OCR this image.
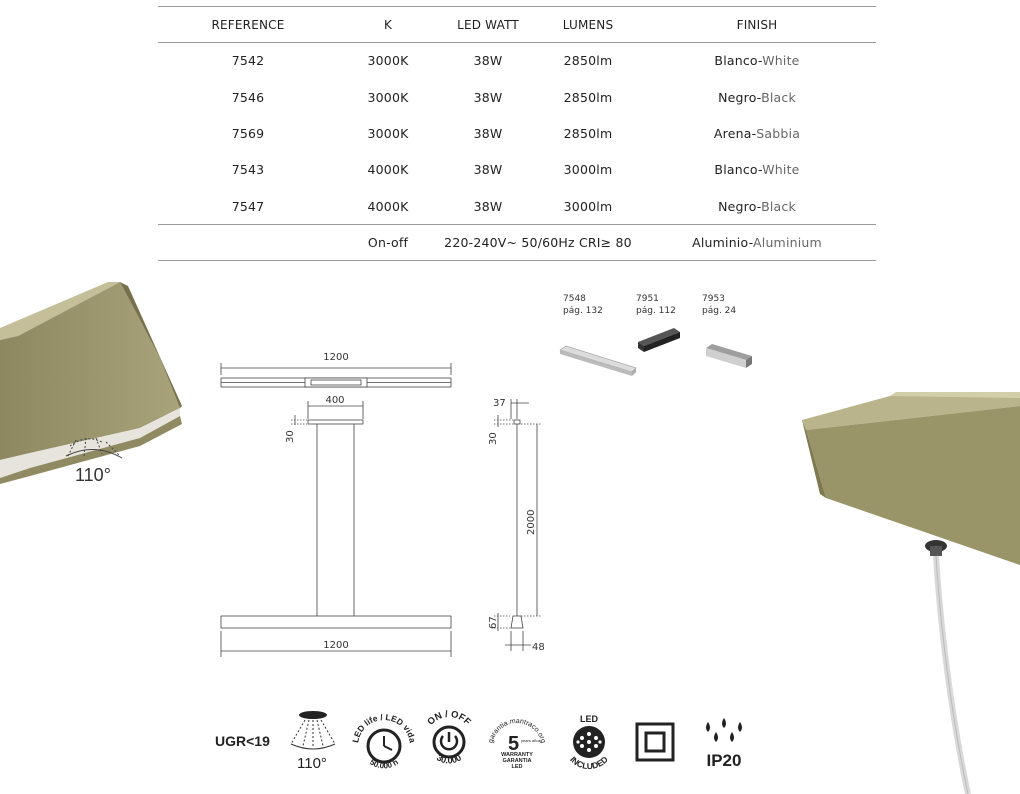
REFERENCE	K	LED WATT	LUMENS	FINISH
7542	3000K	38W	2850lm	Blanco-White
7546	3000K	38W	2850lm	Negro-Black
7569	3000K	38W	2850lm	Arena-Sabbia
7543	4000K	38W	3000lm	Blanco-White
7547	4000K	38W	3000lm	Negro-Black
	On-off	220-240V~ 50/60Hz CRI≥ 80		Aluminio-Aluminium
110°
7548
pág. 132
7951
pág. 112
7953
pág. 24
1200
400
30
1200
37
30
2000
67
48
UGR<19
110°
LED life / LED vida
50.000 h
ON / OFF
30.000
garantia.mantraco.org
5 years años
WARRANTY
GARANTIA
LED
LED
INCLUDED	IP20
